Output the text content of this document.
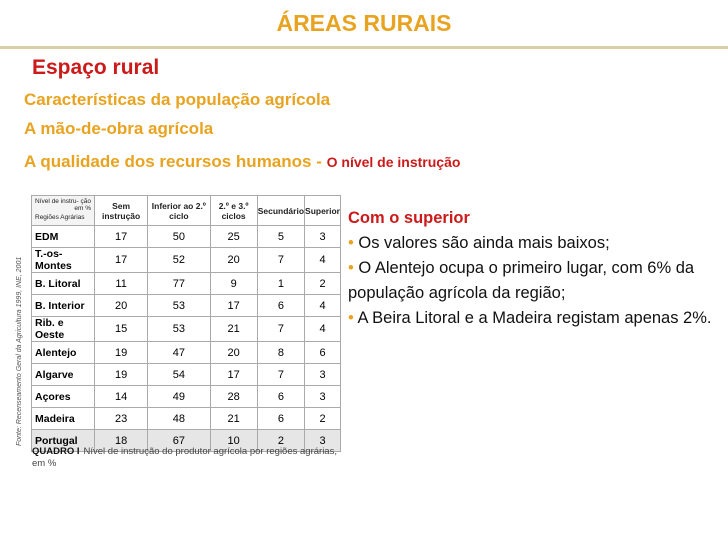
ÁREAS RURAIS
Espaço rural
Características da população agrícola
A mão-de-obra agrícola
A qualidade dos recursos humanos - O nível de instrução
Fonte: Recenseamento Geral da Agricultura 1999, INE, 2001
Nível de instru- ção em %
Regiões Agrárias	Sem instrução	Inferior ao 2.º ciclo	2.º e 3.º ciclos	Secundário	Superior
EDM	17	50	25	5	3
T.-os-Montes	17	52	20	7	4
B. Litoral	11	77	9	1	2
B. Interior	20	53	17	6	4
Rib. e Oeste	15	53	21	7	4
Alentejo	19	47	20	8	6
Algarve	19	54	17	7	3
Açores	14	49	28	6	3
Madeira	23	48	21	6	2
Portugal	18	67	10	2	3
QUADRO I Nível de instrução do produtor agrícola por regiões agrárias, em %
Com o superior
• Os valores são ainda mais baixos;
• O Alentejo ocupa o primeiro lugar, com 6% da população agrícola da região;
• A Beira Litoral e a Madeira registam apenas 2%.
